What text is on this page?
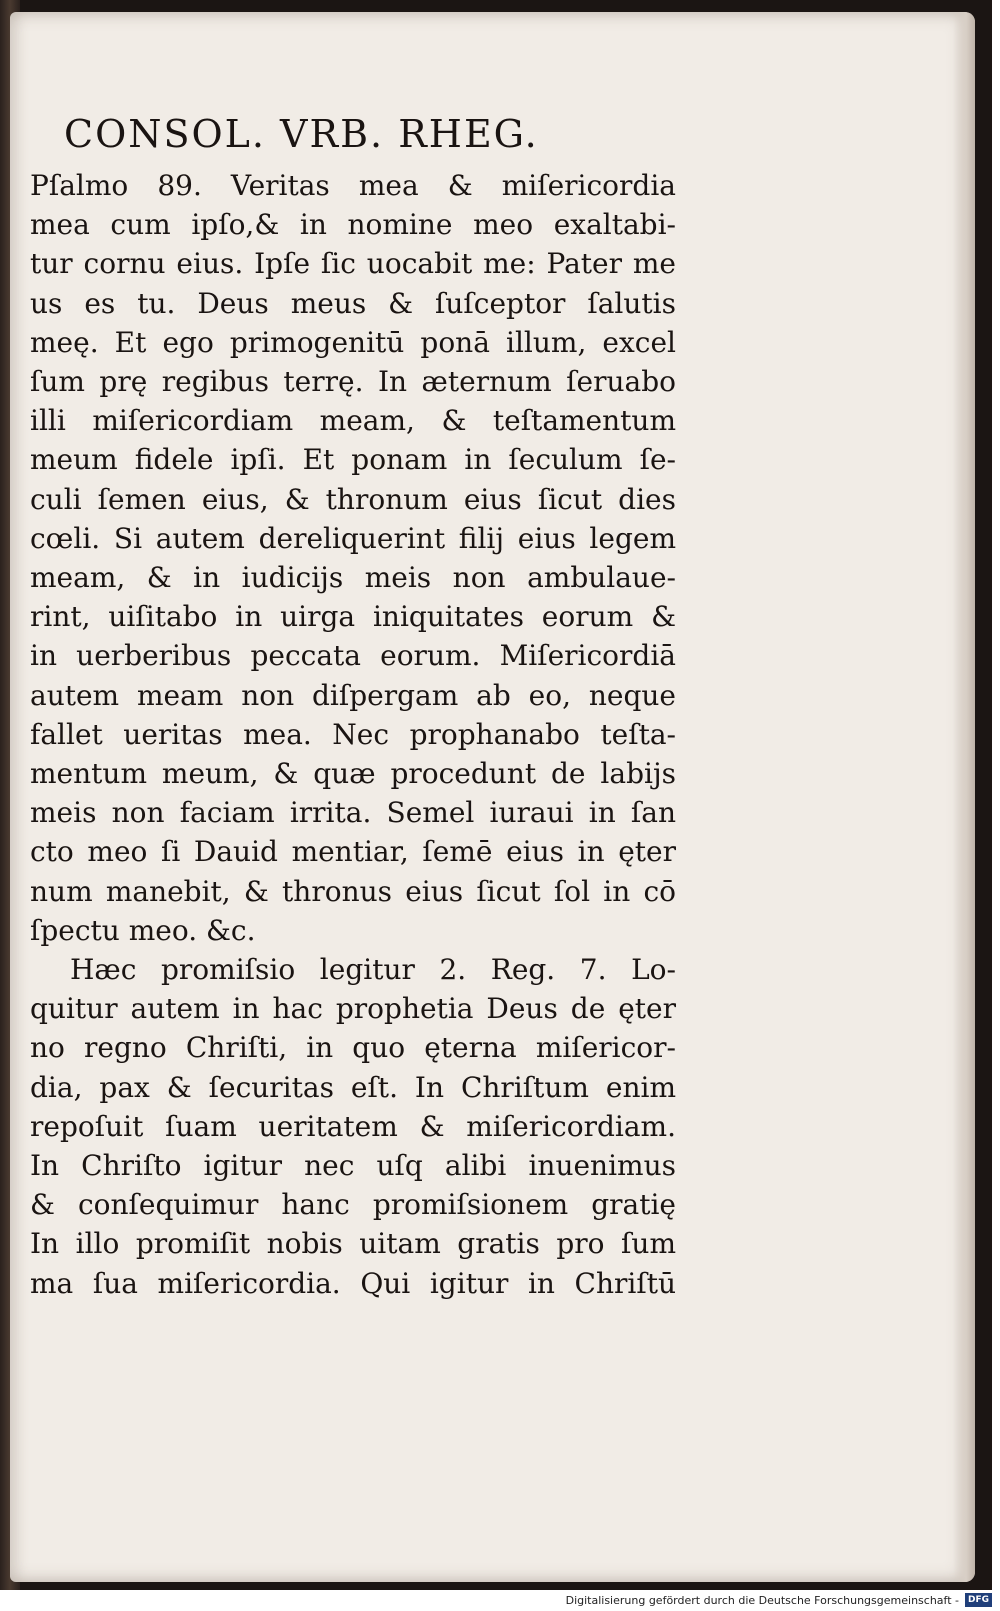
CONSOL. VRB. RHEG.
Pſalmo 89. Veritas mea & miſericordia
mea cum ipſo,& in nomine meo exaltabi-
tur cornu eius. Ipſe ſic uocabit me: Pater me
us es tu. Deus meus & ſuſceptor ſalutis
meę. Et ego primogenitū ponā illum, excel
ſum prę regibus terrę. In æternum ſeruabo
illi miſericordiam meam, & teſtamentum
meum fidele ipſi. Et ponam in ſeculum ſe-
culi ſemen eius, & thronum eius ſicut dies
cœli. Si autem dereliquerint filij eius legem
meam, & in iudicijs meis non ambulaue-
rint, uiſitabo in uirga iniquitates eorum &
in uerberibus peccata eorum. Miſericordiā
autem meam non diſpergam ab eo, neque
fallet ueritas mea. Nec prophanabo teſta-
mentum meum, & quæ procedunt de labijs
meis non faciam irrita. Semel iuraui in ſan
cto meo ſi Dauid mentiar, ſemē eius in ęter
num manebit, & thronus eius ſicut ſol in cō
ſpectu meo. &c.
Hæc promiſsio legitur 2. Reg. 7. Lo-
quitur autem in hac prophetia Deus de ęter
no regno Chriſti, in quo ęterna miſericor-
dia, pax & ſecuritas eſt. In Chriſtum enim
repoſuit ſuam ueritatem & miſericordiam.
In Chriſto igitur nec uſq alibi inuenimus
& conſequimur hanc promiſsionem gratię
In illo promiſit nobis uitam gratis pro ſum
ma ſua miſericordia. Qui igitur in Chriſtū
Digitalisierung gefördert durch die Deutsche Forschungsgemeinschaft -	DFG
